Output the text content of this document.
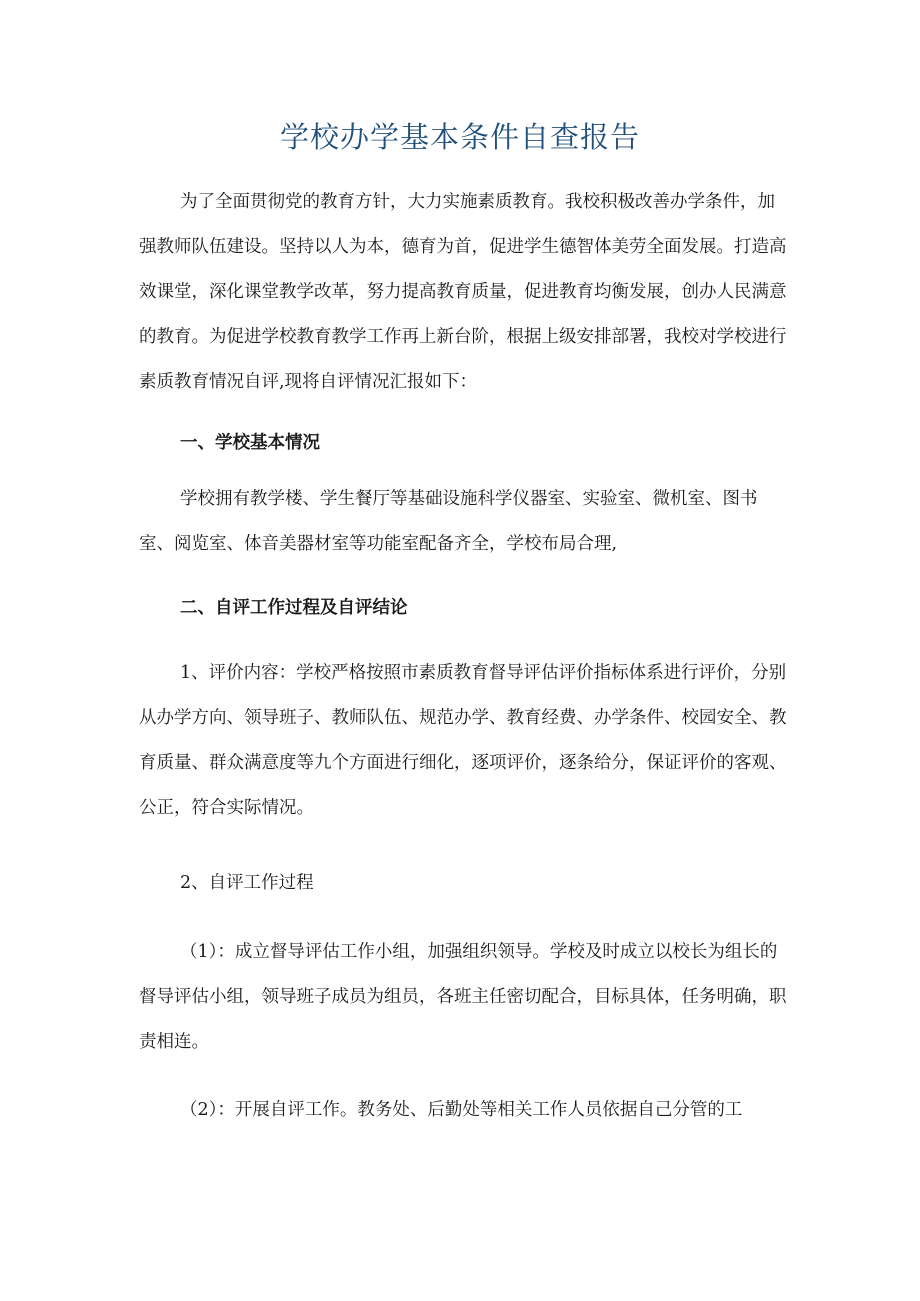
学校办学基本条件自查报告

为了全面贯彻党的教育方针，大力实施素质教育。我校积极改善办学条件，加强教师队伍建设。坚持以人为本，德育为首，促进学生德智体美劳全面发展。打造高效课堂，深化课堂教学改革，努力提高教育质量，促进教育均衡发展，创办人民满意的教育。为促进学校教育教学工作再上新台阶，根据上级安排部署，我校对学校进行素质教育情况自评,现将自评情况汇报如下：

一、学校基本情况

学校拥有教学楼、学生餐厅等基础设施科学仪器室、实验室、微机室、图书室、阅览室、体音美器材室等功能室配备齐全，学校布局合理,

二、自评工作过程及自评结论

1、评价内容：学校严格按照市素质教育督导评估评价指标体系进行评价，分别从办学方向、领导班子、教师队伍、规范办学、教育经费、办学条件、校园安全、教育质量、群众满意度等九个方面进行细化，逐项评价，逐条给分，保证评价的客观、公正，符合实际情况。

2、自评工作过程

（1）：成立督导评估工作小组，加强组织领导。学校及时成立以校长为组长的督导评估小组，领导班子成员为组员，各班主任密切配合，目标具体，任务明确，职责相连。

（2）：开展自评工作。教务处、后勤处等相关工作人员依据自己分管的工
